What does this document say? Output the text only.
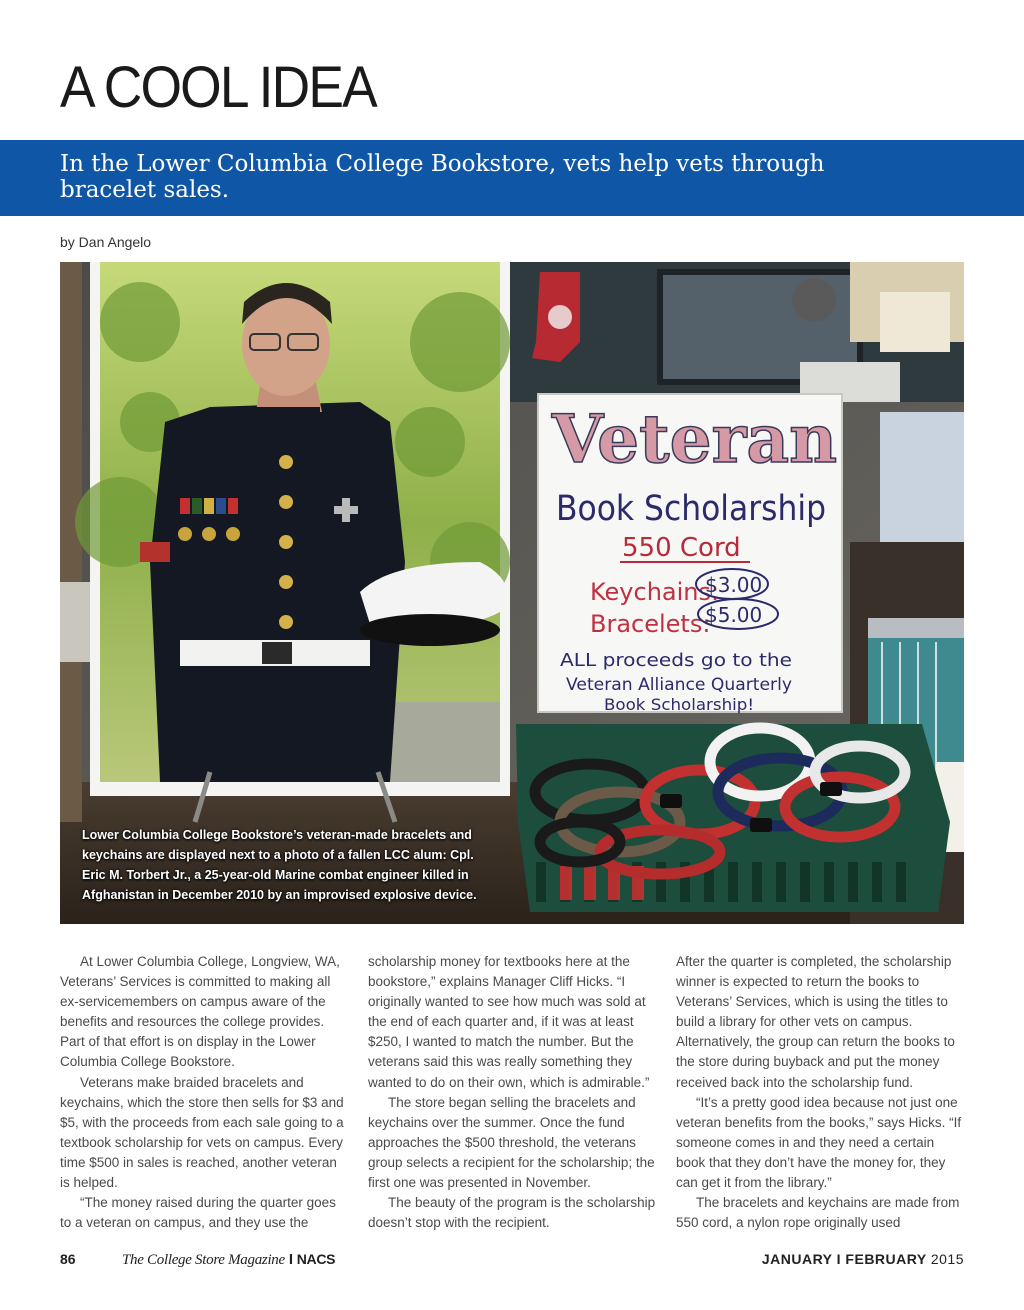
A COOL IDEA
In the Lower Columbia College Bookstore, vets help vets through bracelet sales.
by Dan Angelo
Veteran
Book Scholarship
550 Cord
Keychains:
$3.00
Bracelets:
$5.00
ALL proceeds go to the
Veteran Alliance Quarterly
Book Scholarship!
Lower Columbia College Bookstore’s veteran-made bracelets and keychains are displayed next to a photo of a fallen LCC alum: Cpl. Eric M. Torbert Jr., a 25-year-old Marine combat engineer killed in Afghanistan in December 2010 by an improvised explosive device.

At Lower Columbia College, Longview, WA, Veterans’ Services is committed to making all ex-servicemembers on campus aware of the benefits and resources the college provides. Part of that effort is on display in the Lower Columbia College Bookstore.

Veterans make braided bracelets and keychains, which the store then sells for $3 and $5, with the proceeds from each sale going to a textbook scholarship for vets on campus. Every time $500 in sales is reached, another veteran is helped.

“The money raised during the quarter goes to a veteran on campus, and they use the

scholarship money for textbooks here at the bookstore,” explains Manager Cliff Hicks. “I originally wanted to see how much was sold at the end of each quarter and, if it was at least $250, I wanted to match the number. But the veterans said this was really something they wanted to do on their own, which is admirable.”

The store began selling the bracelets and keychains over the summer. Once the fund approaches the $500 threshold, the veterans group selects a recipient for the scholarship; the first one was presented in November.

The beauty of the program is the scholarship doesn’t stop with the recipient.

After the quarter is completed, the scholarship winner is expected to return the books to Veterans’ Services, which is using the titles to build a library for other vets on campus. Alternatively, the group can return the books to the store during buyback and put the money received back into the scholarship fund.

“It’s a pretty good idea because not just one veteran benefits from the books,” says Hicks. “If someone comes in and they need a certain book that they don’t have the money for, they can get it from the library.”

The bracelets and keychains are made from 550 cord, a nylon rope originally used

86	The College Store Magazine I NACS	JANUARY I FEBRUARY 2015
